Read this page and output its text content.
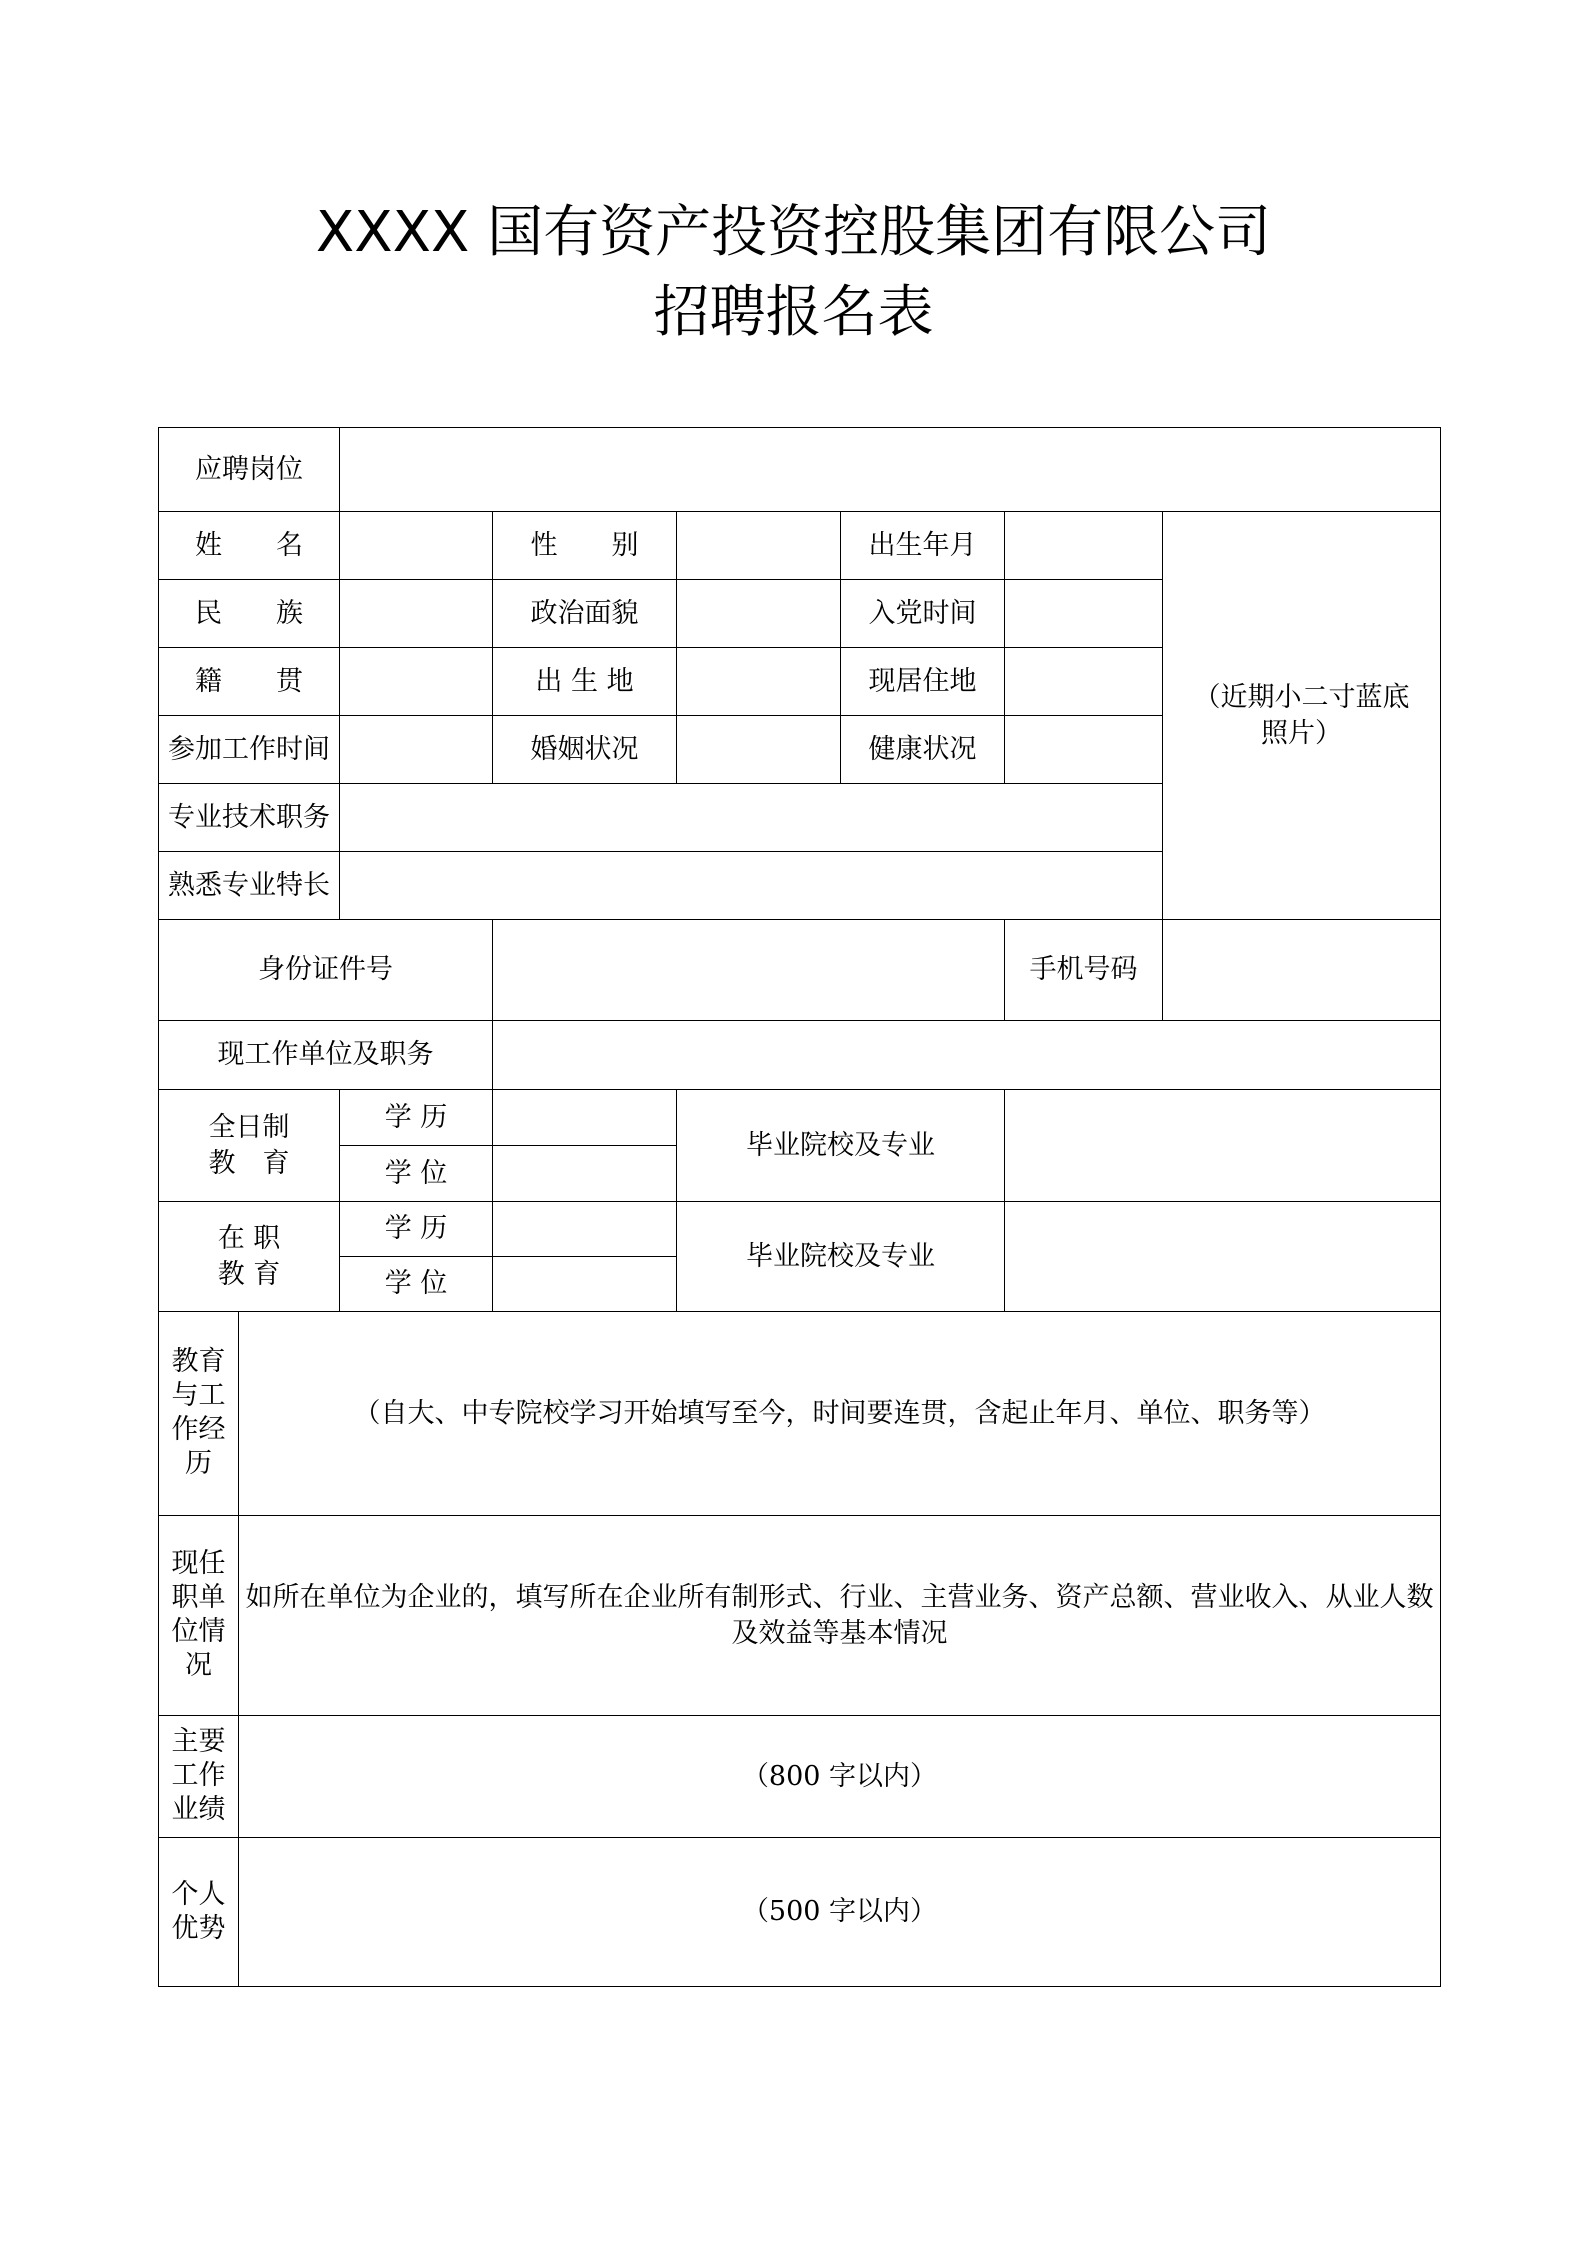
XXXX 国有资产投资控股集团有限公司
招聘报名表
应聘岗位							
姓　　名			性　　别		出生年月		（近期小二寸蓝底照片）
民　　族			政治面貌		入党时间		
籍　　贯			出 生 地		现居住地		
参加工作时间			婚姻状况		健康状况		
专业技术职务							
熟悉专业特长							
身份证件号						手机号码	
现工作单位及职务							
全日制
教　育		学 历		毕业院校及专业			
		学 位					
在 职
教 育		学 历		毕业院校及专业			
		学 位					
教育与工作经历	（自大、中专院校学习开始填写至今，时间要连贯，含起止年月、单位、职务等）						
现任职单位情况	如所在单位为企业的，填写所在企业所有制形式、行业、主营业务、资产总额、营业收入、从业人数及效益等基本情况						
主要工作业绩	（800 字以内）						
个人优势	（500 字以内）						
